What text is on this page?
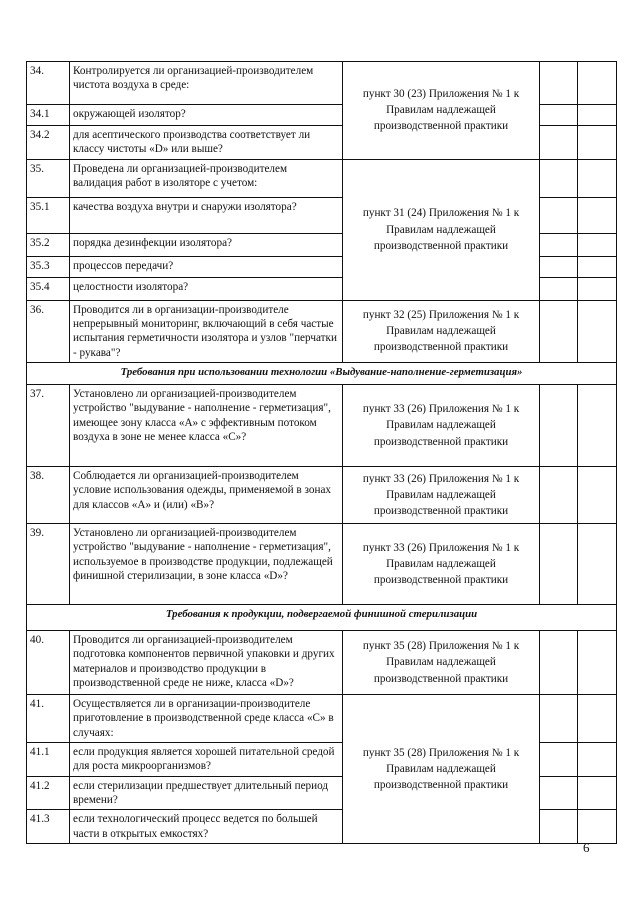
34.	Контролируется ли организацией-производителем чистота воздуха в среде:	пункт 30 (23) Приложения № 1 к Правилам надлежащей производственной практики		
34.1	окружающей изолятор?			
34.2	для асептического производства соответствует ли классу чистоты «D» или выше?			
35.	Проведена ли организацией-производителем валидация работ в изоляторе с учетом:	пункт 31 (24) Приложения № 1 к Правилам надлежащей производственной практики		
35.1	качества воздуха внутри и снаружи изолятора?			
35.2	порядка дезинфекции изолятора?			
35.3	процессов передачи?			
35.4	целостности изолятора?			
36.	Проводится ли в организации-производителе непрерывный мониторинг, включающий в себя частые испытания герметичности изолятора и узлов "перчатки - рукава"?	пункт 32 (25) Приложения № 1 к Правилам надлежащей производственной практики		
Требования при использовании технологии «Выдувание-наполнение-герметизация»				
37.	Установлено ли организацией-производителем устройство "выдувание - наполнение - герметизация", имеющее зону класса «А» с эффективным потоком воздуха в зоне не менее класса «С»?	пункт 33 (26) Приложения № 1 к Правилам надлежащей производственной практики		
38.	Соблюдается ли организацией-производителем условие использования одежды, применяемой в зонах для классов «А» и (или) «В»?	пункт 33 (26) Приложения № 1 к Правилам надлежащей производственной практики		
39.	Установлено ли организацией-производителем устройство "выдувание - наполнение - герметизация", используемое в производстве продукции, подлежащей финишной стерилизации, в зоне класса «D»?	пункт 33 (26) Приложения № 1 к Правилам надлежащей производственной практики		
Требования к продукции, подвергаемой финишной стерилизации				
40.	Проводится ли организацией-производителем подготовка компонентов первичной упаковки и других материалов и производство продукции в производственной среде не ниже, класса «D»?	пункт 35 (28) Приложения № 1 к Правилам надлежащей производственной практики		
41.	Осуществляется ли в организации-производителе приготовление в производственной среде класса «С» в случаях:	пункт 35 (28) Приложения № 1 к Правилам надлежащей производственной практики		
41.1	если продукция является хорошей питательной средой для роста микроорганизмов?			
41.2	если стерилизации предшествует длительный период времени?			
41.3	если технологический процесс ведется по большей части в открытых емкостях?			
6
